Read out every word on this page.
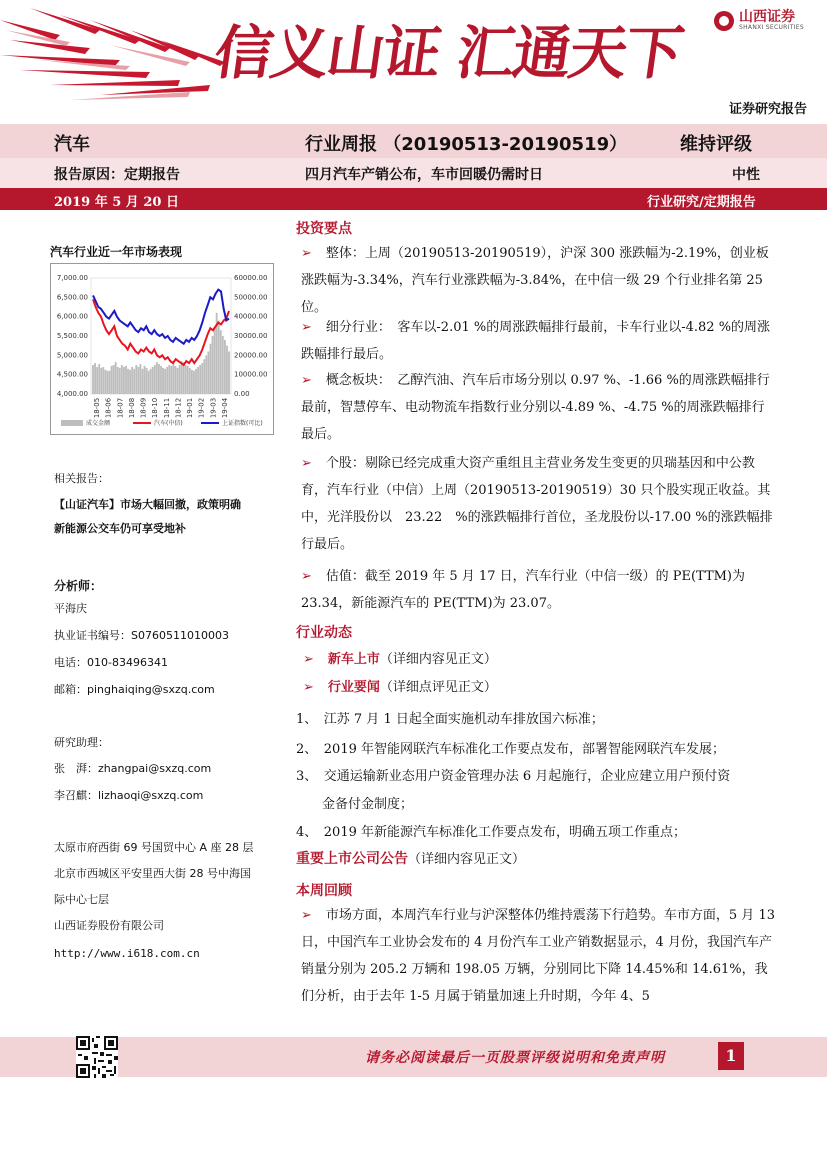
信义山证 汇通天下
山西证券
SHANXI SECURITIES
证券研究报告
汽车	行业周报 （20190513-20190519）	维持评级
报告原因：定期报告	四月汽车产销公布，车市回暖仍需时日	中性
2019 年 5 月 20 日	行业研究/定期报告
汽车行业近一年市场表现
7,000.00
6,500.00
6,000.00
5,500.00
5,000.00
4,500.00
4,000.00
60000.00
50000.00
40000.00
30000.00
20000.00
10000.00
0.00
18-05 18-06 18-07 18-08 18-09 18-10 18-11 18-12 19-01 19-02 19-03 19-04
成交金额	汽车(中信)	上证指数(可比)
相关报告：
【山证汽车】市场大幅回撤，政策明确
新能源公交车仍可享受地补
分析师：
平海庆
执业证书编号：S0760511010003
电话：010-83496341
邮箱：pinghaiqing@sxzq.com
研究助理：
张　湃：zhangpai@sxzq.com
李召麒：lizhaoqi@sxzq.com
太原市府西街 69 号国贸中心 A 座 28 层
北京市西城区平安里西大街 28 号中海国
际中心七层
山西证券股份有限公司
http://www.i618.com.cn
投资要点
➢ 整体：上周（20190513-20190519），沪深 300 涨跌幅为-2.19%，创业板涨跌幅为-3.34%，汽车行业涨跌幅为-3.84%，在中信一级 29 个行业排名第 25 位。
➢ 细分行业：　客车以-2.01 %的周涨跌幅排行最前，卡车行业以-4.82 %的周涨跌幅排行最后。
➢ 概念板块：　乙醇汽油、汽车后市场分别以 0.97 %、-1.66 %的周涨跌幅排行最前，智慧停车、电动物流车指数行业分别以-4.89 %、-4.75 %的周涨跌幅排行最后。
➢ 个股：剔除已经完成重大资产重组且主营业务发生变更的贝瑞基因和中公教育，汽车行业（中信）上周（20190513-20190519）30 只个股实现正收益。其中，光洋股份以　23.22　%的涨跌幅排行首位，圣龙股份以-17.00 %的涨跌幅排行最后。
➢ 估值：截至 2019 年 5 月 17 日，汽车行业（中信一级）的 PE(TTM)为 23.34，新能源汽车的 PE(TTM)为 23.07。
行业动态
➢ 新车上市（详细内容见正文）
➢ 行业要闻（详细点评见正文）
1、　江苏 7 月 1 日起全面实施机动车排放国六标准；
2、　2019 年智能网联汽车标准化工作要点发布，部署智能网联汽车发展；
3、　交通运输新业态用户资金管理办法 6 月起施行，企业应建立用户预付资
金备付金制度；
4、　2019 年新能源汽车标准化工作要点发布，明确五项工作重点；
重要上市公司公告（详细内容见正文）
本周回顾
➢ 市场方面，本周汽车行业与沪深整体仍维持震荡下行趋势。车市方面，5 月 13 日，中国汽车工业协会发布的 4 月份汽车工业产销数据显示，4 月份，我国汽车产销量分别为 205.2 万辆和 198.05 万辆，分别同比下降 14.45%和 14.61%，我们分析，由于去年 1-5 月属于销量加速上升时期，今年 4、5
请务必阅读最后一页股票评级说明和免责声明	1
